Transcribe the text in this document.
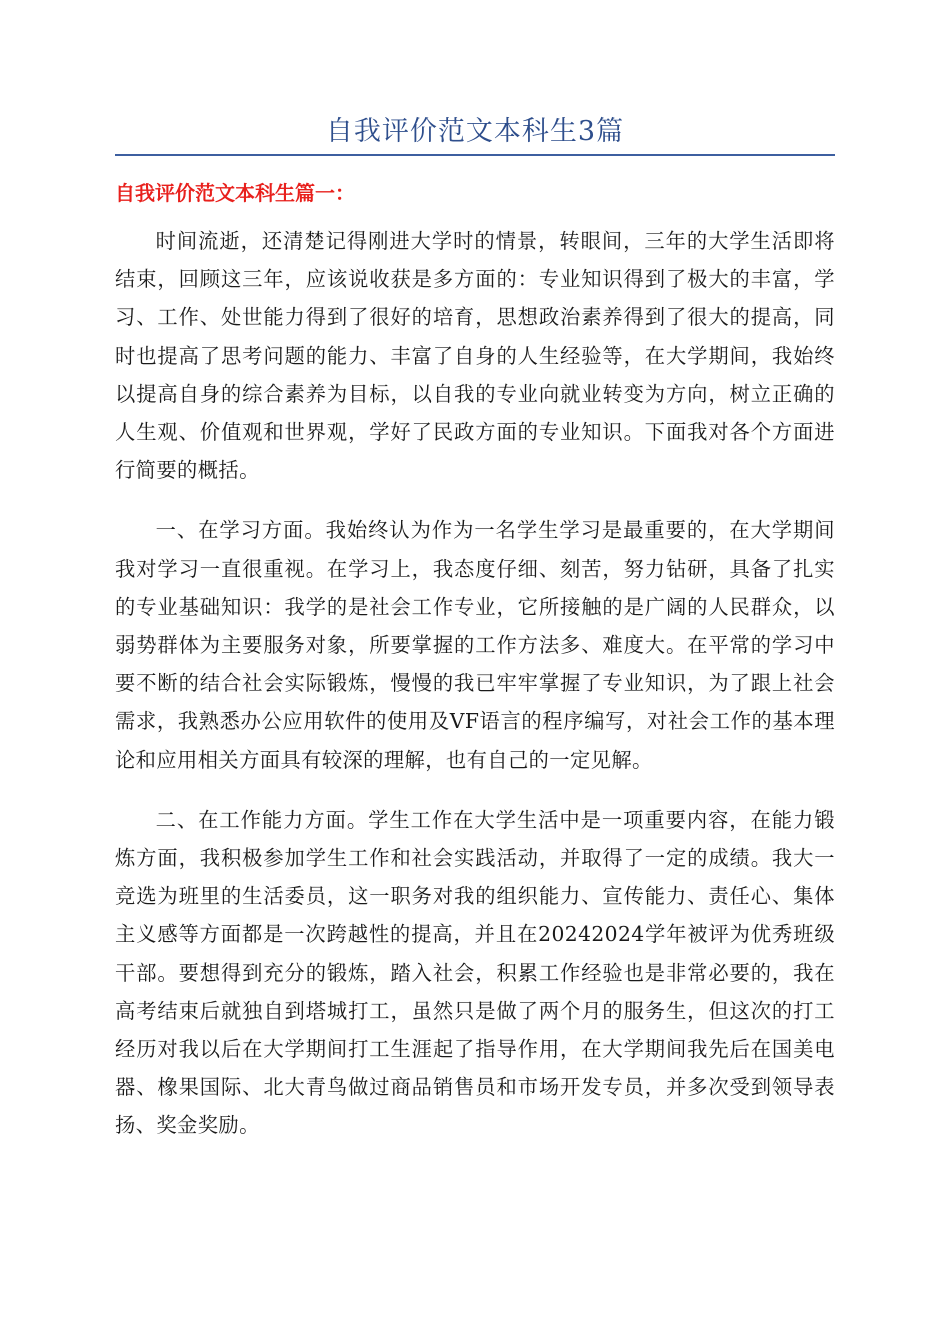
自我评价范文本科生3篇
自我评价范文本科生篇一：

时间流逝，还清楚记得刚进大学时的情景，转眼间，三年的大学生活即将结束，回顾这三年，应该说收获是多方面的：专业知识得到了极大的丰富，学习、工作、处世能力得到了很好的培育，思想政治素养得到了很大的提高，同时也提高了思考问题的能力、丰富了自身的人生经验等，在大学期间，我始终以提高自身的综合素养为目标，以自我的专业向就业转变为方向，树立正确的人生观、价值观和世界观，学好了民政方面的专业知识。下面我对各个方面进行简要的概括。

一、在学习方面。我始终认为作为一名学生学习是最重要的，在大学期间我对学习一直很重视。在学习上，我态度仔细、刻苦，努力钻研，具备了扎实的专业基础知识：我学的是社会工作专业，它所接触的是广阔的人民群众，以弱势群体为主要服务对象，所要掌握的工作方法多、难度大。在平常的学习中要不断的结合社会实际锻炼，慢慢的我已牢牢掌握了专业知识，为了跟上社会需求，我熟悉办公应用软件的使用及VF语言的程序编写，对社会工作的基本理论和应用相关方面具有较深的理解，也有自己的一定见解。

二、在工作能力方面。学生工作在大学生活中是一项重要内容，在能力锻炼方面，我积极参加学生工作和社会实践活动，并取得了一定的成绩。我大一竞选为班里的生活委员，这一职务对我的组织能力、宣传能力、责任心、集体主义感等方面都是一次跨越性的提高，并且在20242024学年被评为优秀班级干部。要想得到充分的锻炼，踏入社会，积累工作经验也是非常必要的，我在高考结束后就独自到塔城打工，虽然只是做了两个月的服务生，但这次的打工经历对我以后在大学期间打工生涯起了指导作用，在大学期间我先后在国美电器、橡果国际、北大青鸟做过商品销售员和市场开发专员，并多次受到领导表扬、奖金奖励。
